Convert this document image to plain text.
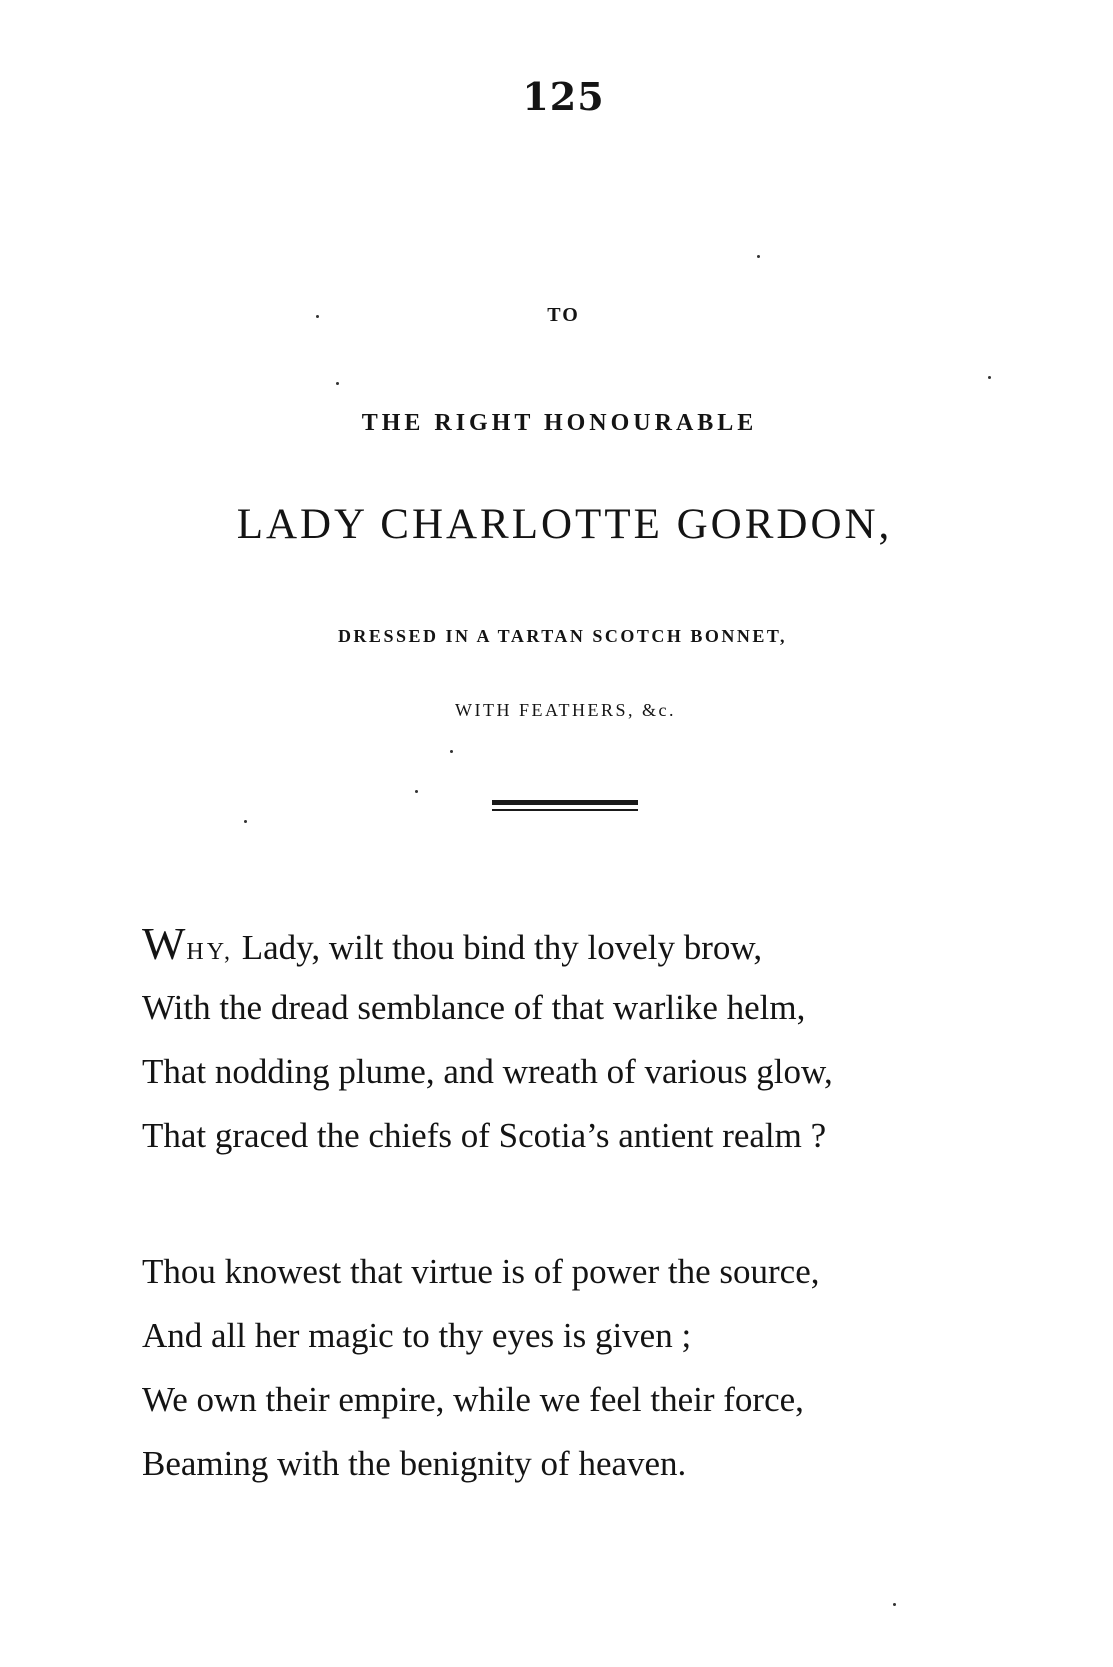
125
TO
THE RIGHT HONOURABLE
LADY CHARLOTTE GORDON,
DRESSED IN A TARTAN SCOTCH BONNET,
WITH FEATHERS, &c.
WHY, Lady, wilt thou bind thy lovely brow,
With the dread semblance of that warlike helm,
That nodding plume, and wreath of various glow,
That graced the chiefs of Scotia’s antient realm ?
Thou knowest that virtue is of power the source,
And all her magic to thy eyes is given ;
We own their empire, while we feel their force,
Beaming with the benignity of heaven.
